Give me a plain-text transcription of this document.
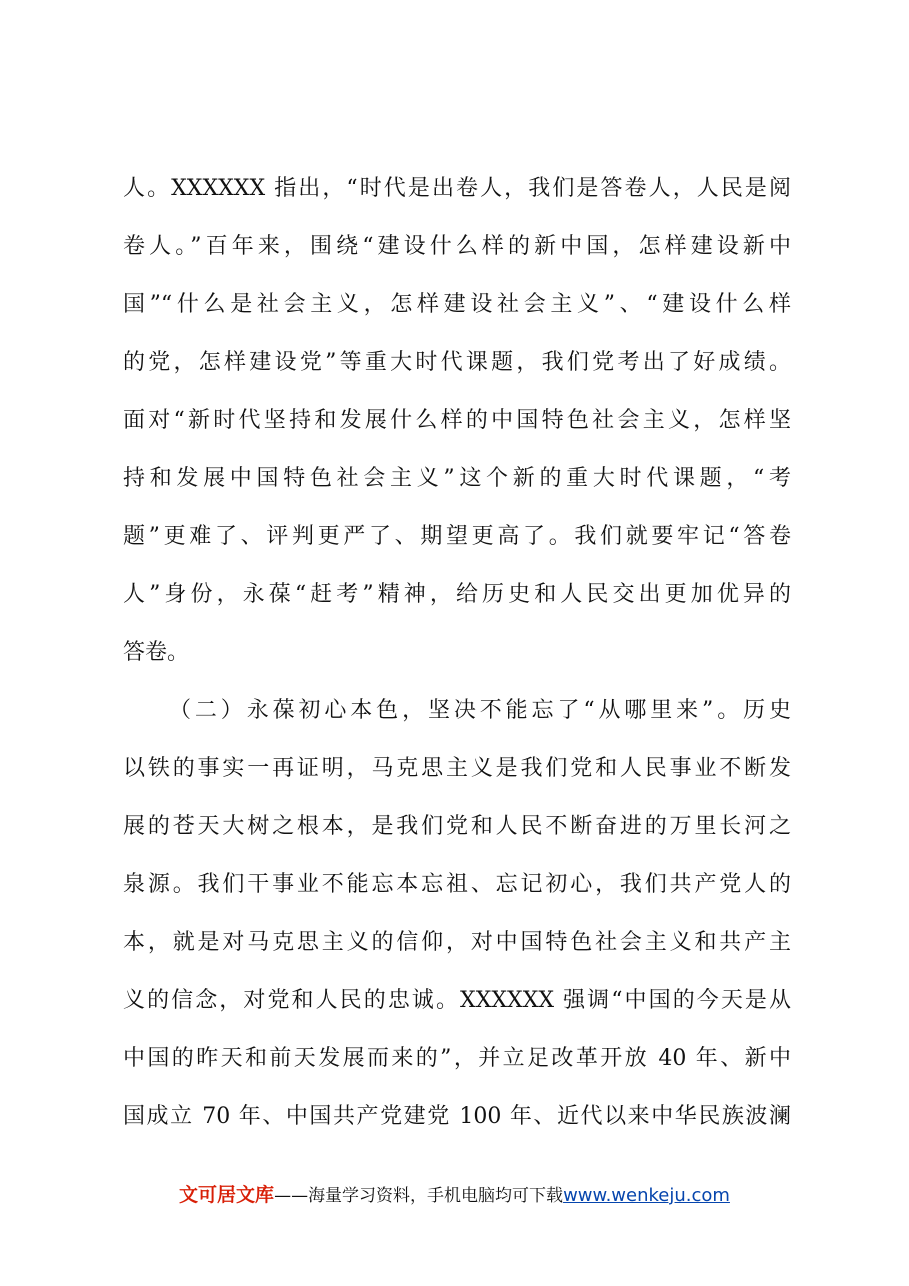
人。XXXXXX 指出，“时代是出卷人，我们是答卷人，人民是阅
卷人。”百年来，围绕“建设什么样的新中国，怎样建设新中
国”“什么是社会主义，怎样建设社会主义”、“建设什么样
的党，怎样建设党”等重大时代课题，我们党考出了好成绩。
面对“新时代坚持和发展什么样的中国特色社会主义，怎样坚
持和发展中国特色社会主义”这个新的重大时代课题，“考
题”更难了、评判更严了、期望更高了。我们就要牢记“答卷
人”身份，永葆“赶考”精神，给历史和人民交出更加优异的
答卷。
（二）永葆初心本色，坚决不能忘了“从哪里来”。历史
以铁的事实一再证明，马克思主义是我们党和人民事业不断发
展的苍天大树之根本，是我们党和人民不断奋进的万里长河之
泉源。我们干事业不能忘本忘祖、忘记初心，我们共产党人的
本，就是对马克思主义的信仰，对中国特色社会主义和共产主
义的信念，对党和人民的忠诚。XXXXXX 强调“中国的今天是从
中国的昨天和前天发展而来的”，并立足改革开放 40 年、新中
国成立 70 年、中国共产党建党 100 年、近代以来中华民族波澜
文可居文库——海量学习资料，手机电脑均可下载www.wenkeju.com
